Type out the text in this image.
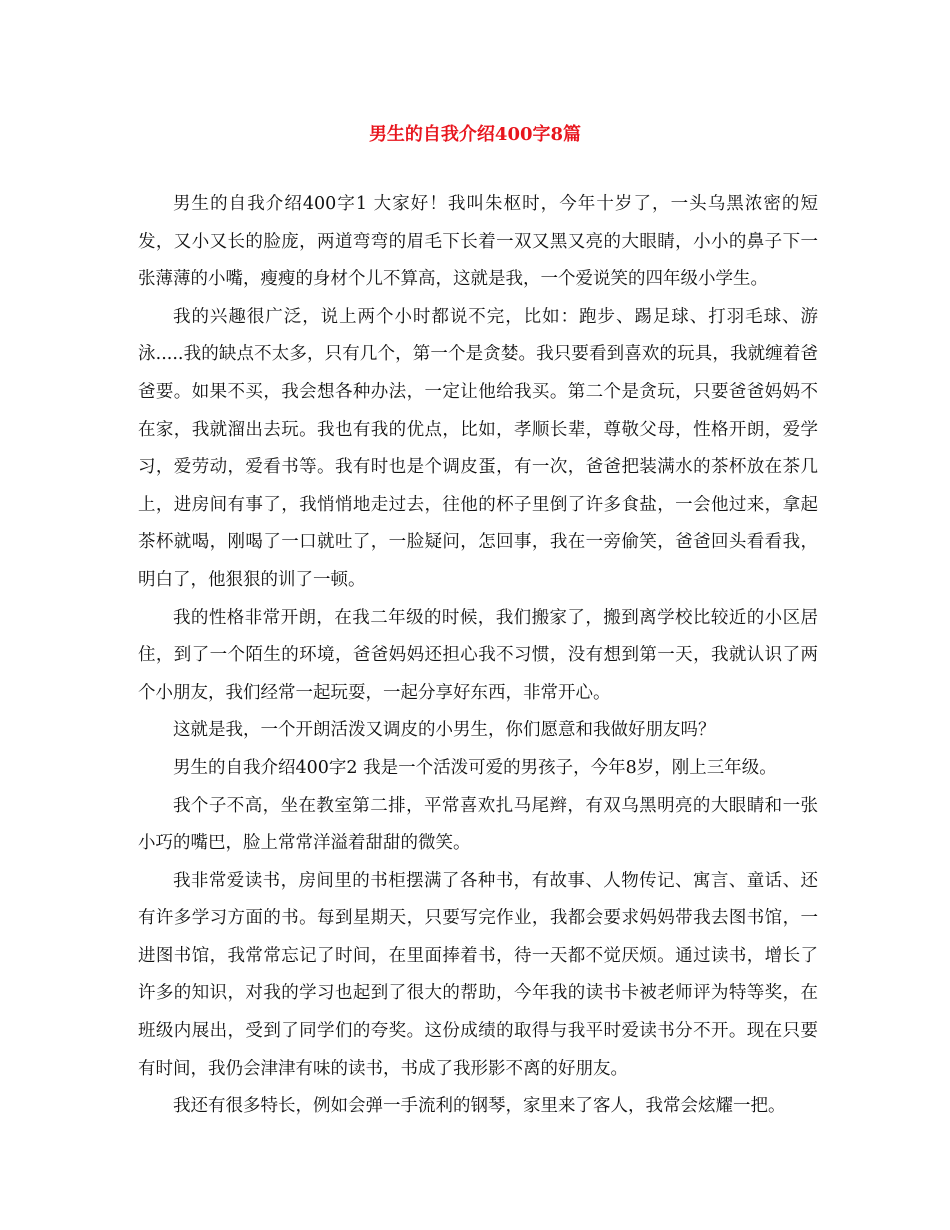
男生的自我介绍400字8篇

男生的自我介绍400字1 大家好！我叫朱枢时，今年十岁了，一头乌黑浓密的短发，又小又长的脸庞，两道弯弯的眉毛下长着一双又黑又亮的大眼睛，小小的鼻子下一张薄薄的小嘴，瘦瘦的身材个儿不算高，这就是我，一个爱说笑的四年级小学生。

我的兴趣很广泛，说上两个小时都说不完，比如：跑步、踢足球、打羽毛球、游泳.....我的缺点不太多，只有几个，第一个是贪婪。我只要看到喜欢的玩具，我就缠着爸爸要。如果不买，我会想各种办法，一定让他给我买。第二个是贪玩，只要爸爸妈妈不在家，我就溜出去玩。我也有我的优点，比如，孝顺长辈，尊敬父母，性格开朗，爱学习，爱劳动，爱看书等。我有时也是个调皮蛋，有一次，爸爸把装满水的茶杯放在茶几上，进房间有事了，我悄悄地走过去，往他的杯子里倒了许多食盐，一会他过来，拿起茶杯就喝，刚喝了一口就吐了，一脸疑问，怎回事，我在一旁偷笑，爸爸回头看看我，明白了，他狠狠的训了一顿。

我的性格非常开朗，在我二年级的时候，我们搬家了，搬到离学校比较近的小区居住，到了一个陌生的环境，爸爸妈妈还担心我不习惯，没有想到第一天，我就认识了两个小朋友，我们经常一起玩耍，一起分享好东西，非常开心。

这就是我，一个开朗活泼又调皮的小男生，你们愿意和我做好朋友吗？

男生的自我介绍400字2 我是一个活泼可爱的男孩子，今年8岁，刚上三年级。

我个子不高，坐在教室第二排，平常喜欢扎马尾辫，有双乌黑明亮的大眼睛和一张小巧的嘴巴，脸上常常洋溢着甜甜的微笑。

我非常爱读书，房间里的书柜摆满了各种书，有故事、人物传记、寓言、童话、还有许多学习方面的书。每到星期天，只要写完作业，我都会要求妈妈带我去图书馆，一进图书馆，我常常忘记了时间，在里面捧着书，待一天都不觉厌烦。通过读书，增长了许多的知识，对我的学习也起到了很大的帮助，今年我的读书卡被老师评为特等奖，在班级内展出，受到了同学们的夸奖。这份成绩的取得与我平时爱读书分不开。现在只要有时间，我仍会津津有味的读书，书成了我形影不离的好朋友。

我还有很多特长，例如会弹一手流利的钢琴，家里来了客人，我常会炫耀一把。
